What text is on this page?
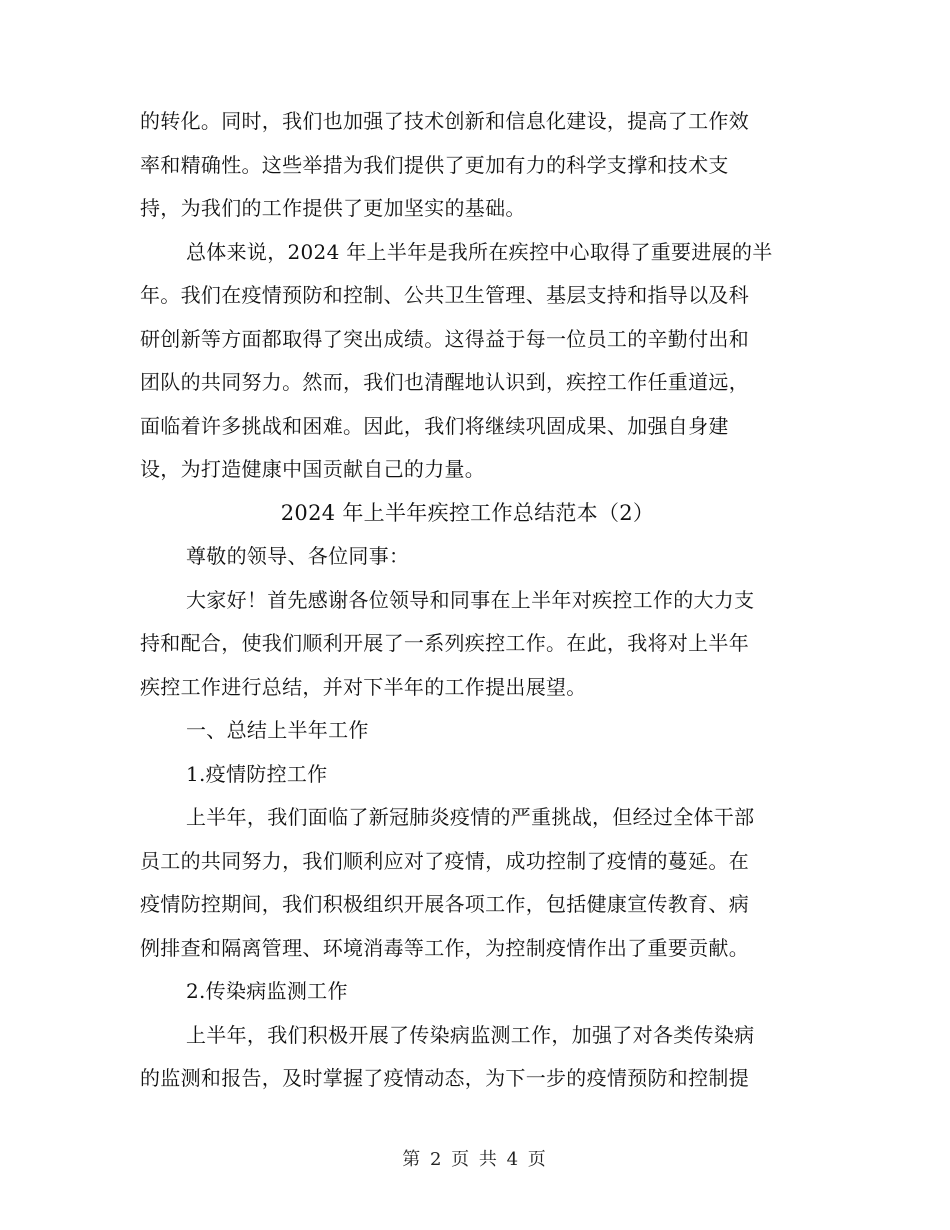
的转化。同时，我们也加强了技术创新和信息化建设，提高了工作效
率和精确性。这些举措为我们提供了更加有力的科学支撑和技术支
持，为我们的工作提供了更加坚实的基础。
总体来说，2024 年上半年是我所在疾控中心取得了重要进展的半
年。我们在疫情预防和控制、公共卫生管理、基层支持和指导以及科
研创新等方面都取得了突出成绩。这得益于每一位员工的辛勤付出和
团队的共同努力。然而，我们也清醒地认识到，疾控工作任重道远，
面临着许多挑战和困难。因此，我们将继续巩固成果、加强自身建
设，为打造健康中国贡献自己的力量。
2024 年上半年疾控工作总结范本（2）
尊敬的领导、各位同事：
大家好！首先感谢各位领导和同事在上半年对疾控工作的大力支
持和配合，使我们顺利开展了一系列疾控工作。在此，我将对上半年
疾控工作进行总结，并对下半年的工作提出展望。
一、总结上半年工作
1.疫情防控工作
上半年，我们面临了新冠肺炎疫情的严重挑战，但经过全体干部
员工的共同努力，我们顺利应对了疫情，成功控制了疫情的蔓延。在
疫情防控期间，我们积极组织开展各项工作，包括健康宣传教育、病
例排查和隔离管理、环境消毒等工作，为控制疫情作出了重要贡献。
2.传染病监测工作
上半年，我们积极开展了传染病监测工作，加强了对各类传染病
的监测和报告，及时掌握了疫情动态，为下一步的疫情预防和控制提
第 2 页 共 4 页
